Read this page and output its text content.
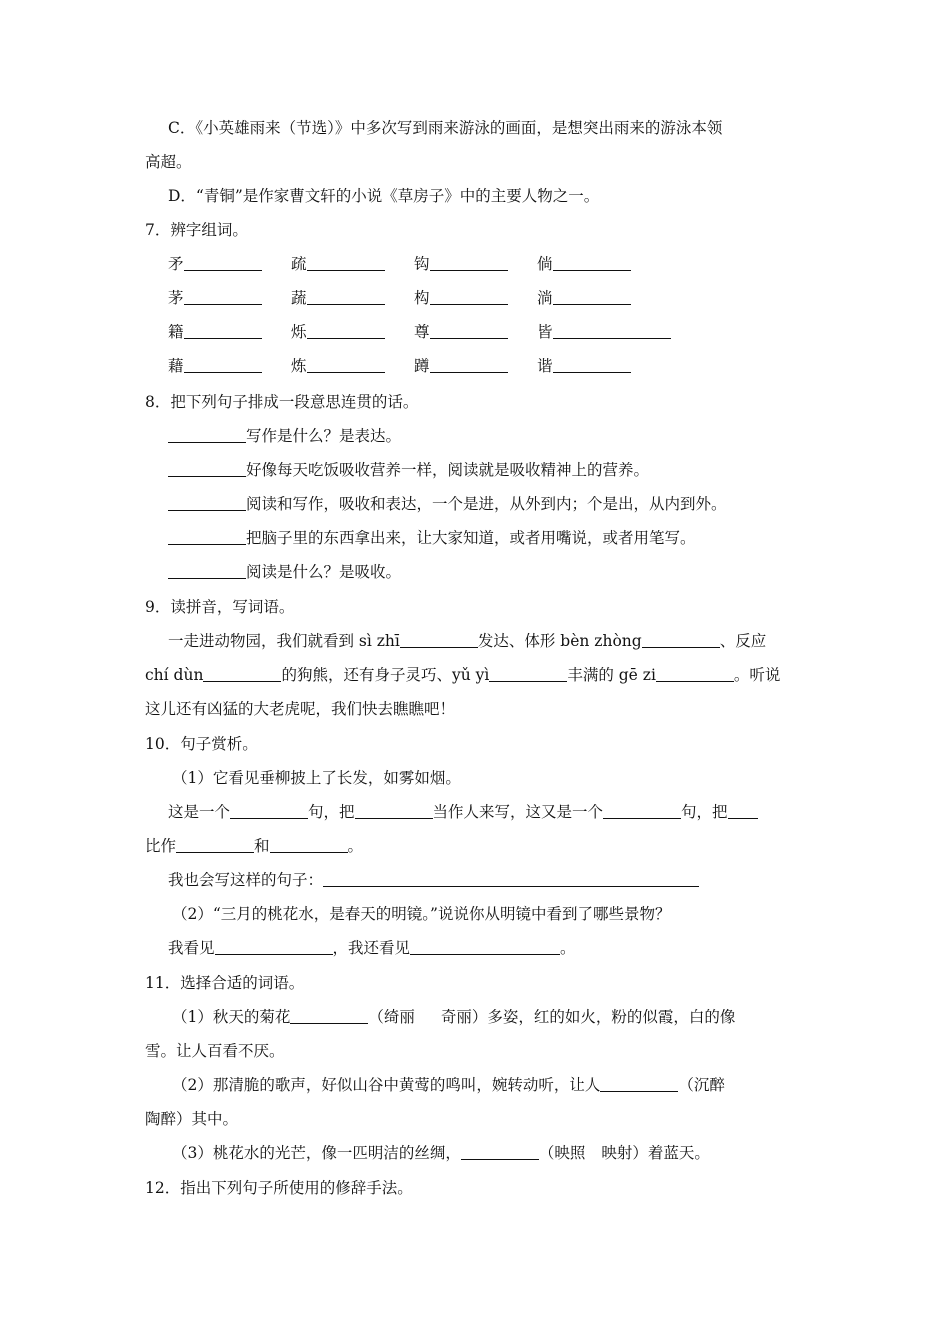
C．《小英雄雨来（节选）》中多次写到雨来游泳的画面，是想突出雨来的游泳本领
高超。
D．“青铜”是作家曹文轩的小说《草房子》中的主要人物之一。
7．辨字组词。
矛	疏	钩	倘
茅	蔬	构	淌
籍	烁	尊	皆
藉	炼	蹲	谐
8．把下列句子排成一段意思连贯的话。
写作是什么？是表达。
好像每天吃饭吸收营养一样，阅读就是吸收精神上的营养。
阅读和写作，吸收和表达，一个是进，从外到内；个是出，从内到外。
把脑子里的东西拿出来，让大家知道，或者用嘴说，或者用笔写。
阅读是什么？是吸收。
9．读拼音，写词语。
一走进动物园，我们就看到 sì zhī	发达、体形 bèn zhòng	、反应
chí dùn	的狗熊，还有身子灵巧、yǔ yì	丰满的 gē zi	。听说
这儿还有凶猛的大老虎呢，我们快去瞧瞧吧！
10．句子赏析。
（1）它看见垂柳披上了长发，如雾如烟。
这是一个	句，把	当作人来写，这又是一个	句，把
比作	和	。
我也会写这样的句子：
（2）“三月的桃花水，是春天的明镜。”说说你从明镜中看到了哪些景物？
我看见	，我还看见	。
11．选择合适的词语。
（1）秋天的菊花	（绮丽 奇丽）多姿，红的如火，粉的似霞，白的像
雪。让人百看不厌。
（2）那清脆的歌声，好似山谷中黄莺的鸣叫，婉转动听，让人	（沉醉
陶醉）其中。
（3）桃花水的光芒，像一匹明洁的丝绸，	（映照 映射）着蓝天。
12．指出下列句子所使用的修辞手法。
